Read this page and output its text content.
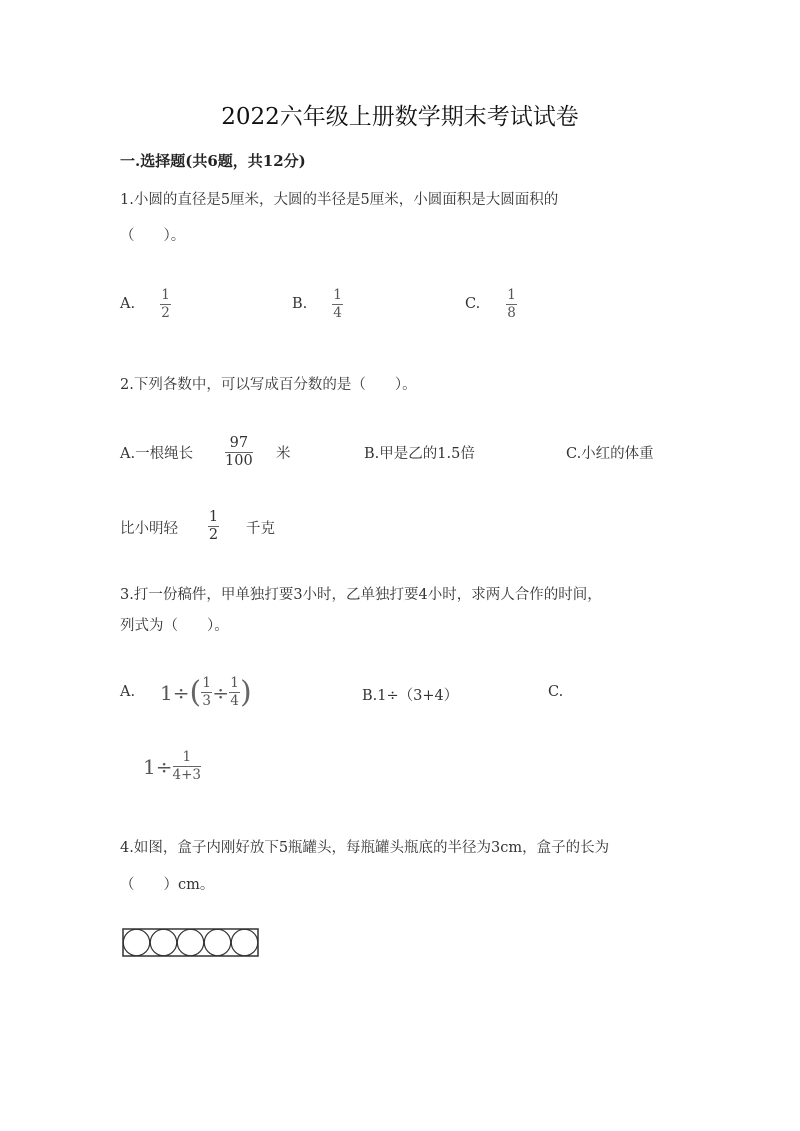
2022六年级上册数学期末考试试卷
一.选择题(共6题，共12分)
1.小圆的直径是5厘米，大圆的半径是5厘米，小圆面积是大圆面积的
（　　）。
A.
1
2
B.
1
4
C.
1
8
2.下列各数中，可以写成百分数的是（　　）。
A.一根绳长
97
100 米	B.甲是乙的1.5倍	C.小红的体重
比小明轻
1
2 千克
3.打一份稿件，甲单独打要3小时，乙单独打要4小时，求两人合作的时间，
列式为（　　）。
A. 1 ÷ ( $\frac{1}{3} \div \frac{1}{4}$ )	B.1÷（3+4）	C.
$1 \div \frac{1}{4+3}$
4.如图，盒子内刚好放下5瓶罐头，每瓶罐头瓶底的半径为3cm，盒子的长为
（　　）cm。
